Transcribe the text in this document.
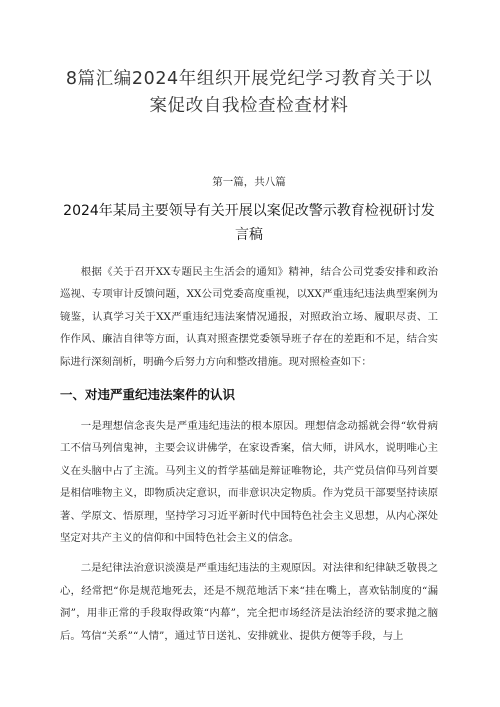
8篇汇编2024年组织开展党纪学习教育关于以案促改自我检查检查材料
第一篇，共八篇
2024年某局主要领导有关开展以案促改警示教育检视研讨发言稿

根据《关于召开XX专题民主生活会的通知》精神，结合公司党委安排和政治巡视、专项审计反馈问题，XX公司党委高度重视，以XX严重违纪违法典型案例为镜鉴，认真学习关于XX严重违纪违法案情况通报，对照政治立场、履职尽责、工作作风、廉洁自律等方面，认真对照查摆党委领导班子存在的差距和不足，结合实际进行深刻剖析，明确今后努力方向和整改措施。现对照检查如下：

一、对违严重纪违法案件的认识

一是理想信念丧失是严重违纪违法的根本原因。理想信念动摇就会得“软骨病工不信马列信鬼神，主要会议讲佛学，在家设香案，信大师，讲风水，说明唯心主义在头脑中占了主流。马列主义的哲学基础是辩证唯物论，共产党员信仰马列首要是相信唯物主义，即物质决定意识，而非意识决定物质。作为党员干部要坚持读原著、学原文、悟原理，坚持学习习近平新时代中国特色社会主义思想，从内心深处坚定对共产主义的信仰和中国特色社会主义的信念。

二是纪律法治意识淡漠是严重违纪违法的主观原因。对法律和纪律缺乏敬畏之心，经常把“你是规范地死去，还是不规范地活下来“挂在嘴上，喜欢钻制度的“漏洞”，用非正常的手段取得政策“内幕”，完全把市场经济是法治经济的要求抛之脑后。笃信“关系”“人情”，通过节日送礼、安排就业、提供方便等手段，与上
